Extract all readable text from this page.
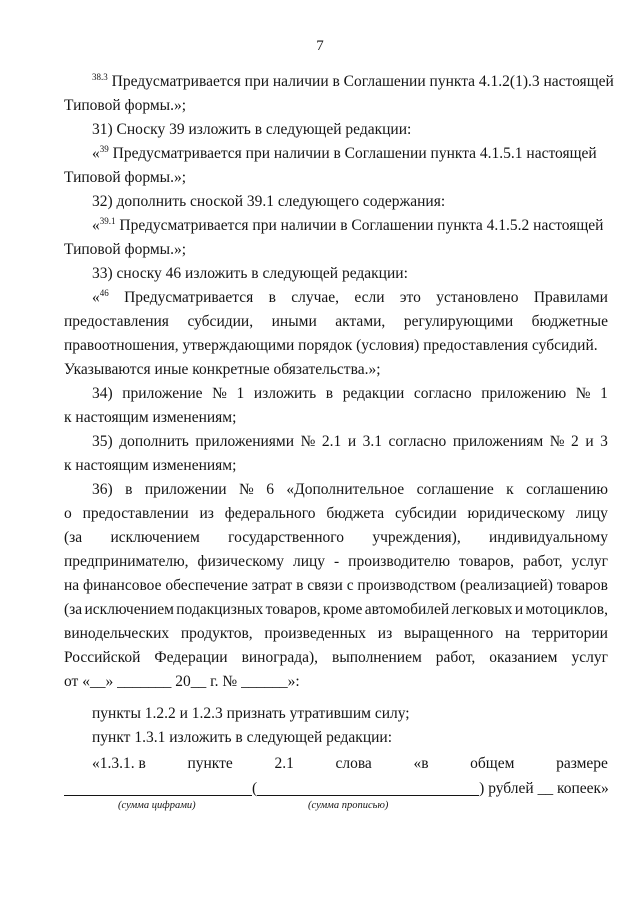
7
$^{38.3}$ Предусматривается при наличии в Соглашении пункта 4.1.2(1).3 настоящей
Типовой формы.»;
31) Сноску 39 изложить в следующей редакции:
«$^{39}$ Предусматривается при наличии в Соглашении пункта 4.1.5.1 настоящей
Типовой формы.»;
32) дополнить сноской 39.1 следующего содержания:
«$^{39.1}$ Предусматривается при наличии в Соглашении пункта 4.1.5.2 настоящей
Типовой формы.»;
33) сноску 46 изложить в следующей редакции:
«$^{46}$ Предусматривается в случае, если это установлено Правилами
предоставления субсидии, иными актами, регулирующими бюджетные
правоотношения, утверждающими порядок (условия) предоставления субсидий.
Указываются иные конкретные обязательства.»;
34) приложение № 1 изложить в редакции согласно приложению № 1
к настоящим изменениям;
35) дополнить приложениями № 2.1 и 3.1 согласно приложениям № 2 и 3
к настоящим изменениям;
36) в приложении № 6 «Дополнительное соглашение к соглашению
о предоставлении из федерального бюджета субсидии юридическому лицу
(за исключением государственного учреждения), индивидуальному
предпринимателю, физическому лицу - производителю товаров, работ, услуг
на финансовое обеспечение затрат в связи с производством (реализацией) товаров
(за исключением подакцизных товаров, кроме автомобилей легковых и мотоциклов,
винодельческих продуктов, произведенных из выращенного на территории
Российской Федерации винограда), выполнением работ, оказанием услуг
от «__» _______ 20__ г. № ______»:
пункты 1.2.2 и 1.2.3 признать утратившим силу;
пункт 1.3.1 изложить в следующей редакции:
«1.3.1. в	пункте	2.1	слова	«в	общем	размере
(	) рублей __ копеек»
(сумма цифрами)	(сумма прописью)
